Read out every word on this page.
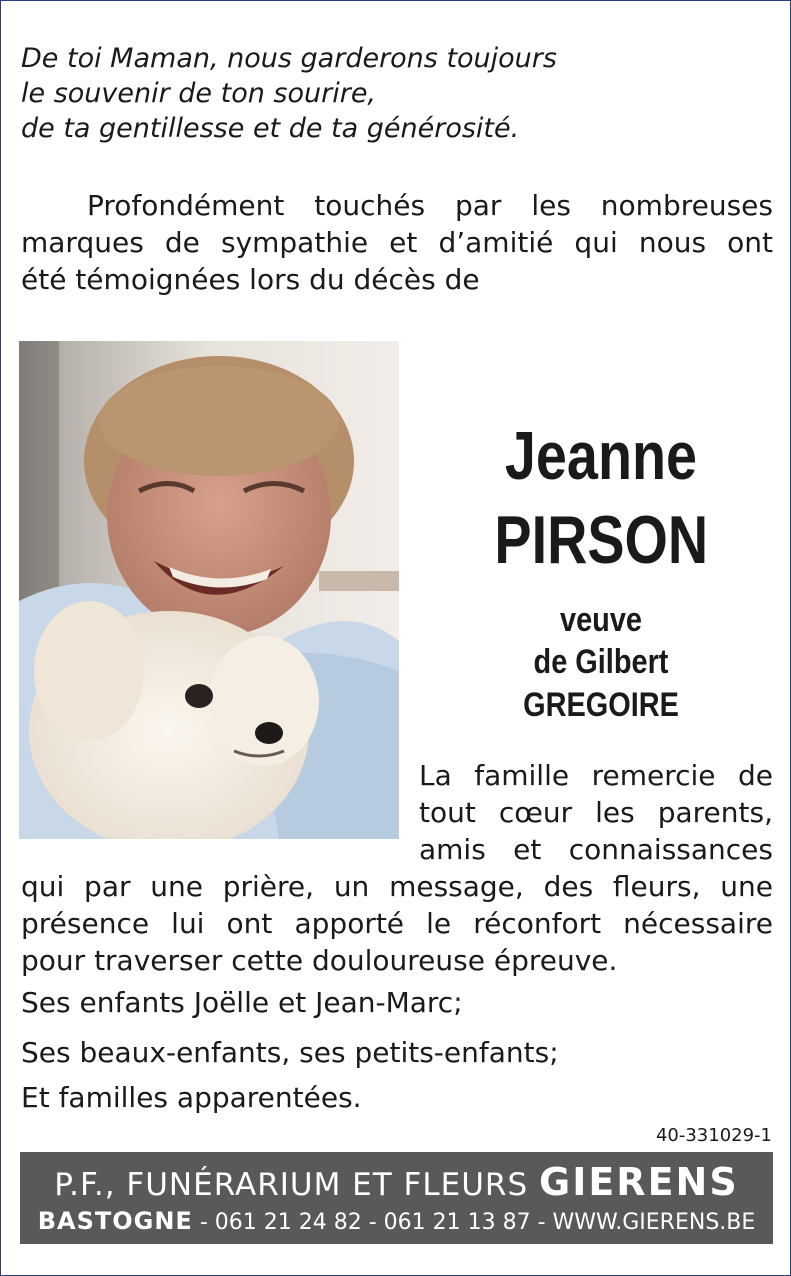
De toi Maman, nous garderons toujours
le souvenir de ton sourire,
de ta gentillesse et de ta générosité.
Profondément touchés par les nombreuses
marques de sympathie et d’amitié qui nous ont
été témoignées lors du décès de
Jeanne
PIRSON
veuve
de Gilbert
GREGOIRE
La famille remercie de
tout cœur les parents,
amis et connaissances
qui par une prière, un message, des fleurs, une
présence lui ont apporté le réconfort nécessaire
pour traverser cette douloureuse épreuve.
Ses enfants Joëlle et Jean-Marc;
Ses beaux-enfants, ses petits-enfants;
Et familles apparentées.
40-331029-1
P.F., FUNÉRARIUM ET FLEURS GIERENS
BASTOGNE - 061 21 24 82 - 061 21 13 87 - WWW.GIERENS.BE
